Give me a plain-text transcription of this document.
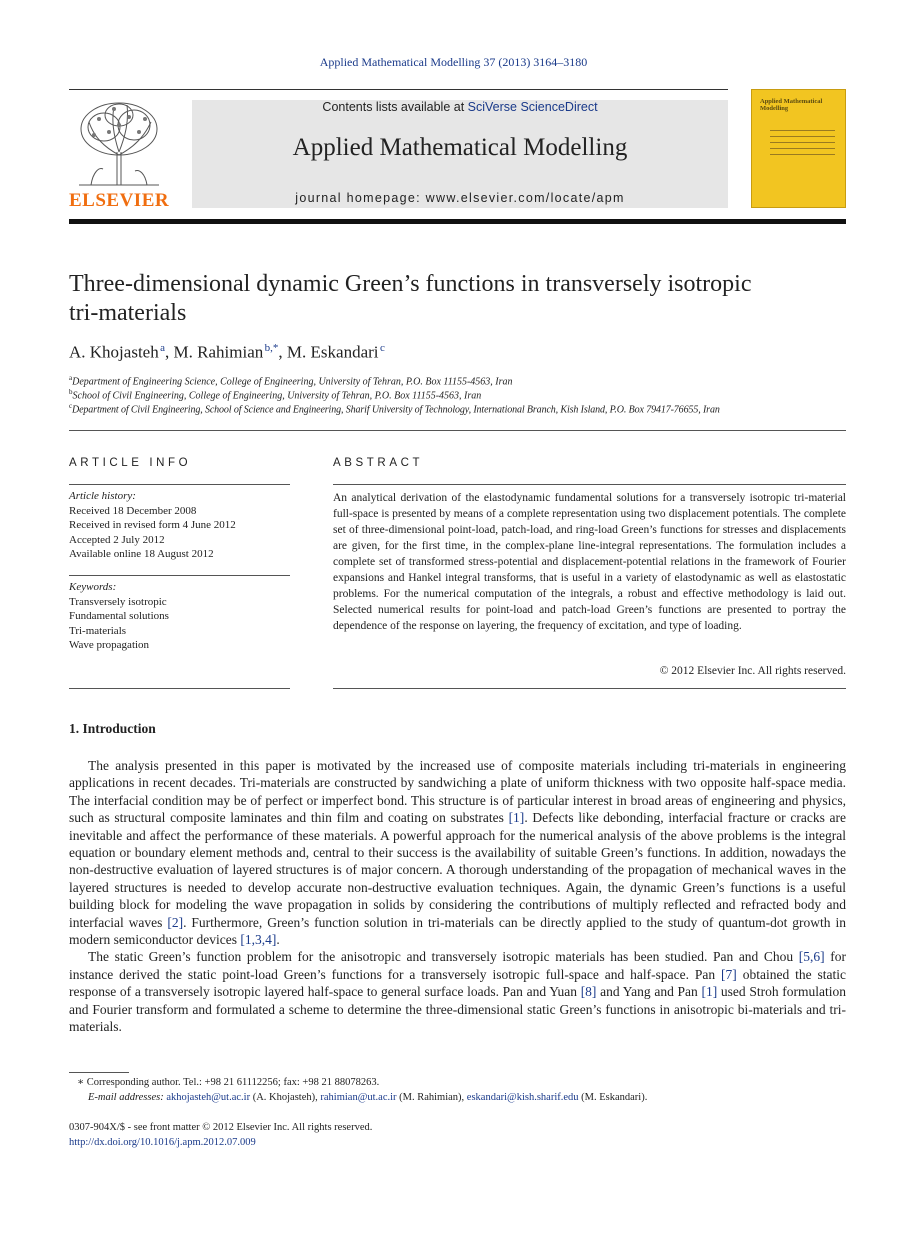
Applied Mathematical Modelling 37 (2013) 3164–3180
ELSEVIER
Contents lists available at SciVerse ScienceDirect
Applied Mathematical Modelling
journal homepage: www.elsevier.com/locate/apm
Applied Mathematical Modelling
Three-dimensional dynamic Green’s functions in transversely isotropic
tri-materials
A. Khojasteh $^a$, M. Rahimian $^{b,*}$, M. Eskandari $^c$
$^a$Department of Engineering Science, College of Engineering, University of Tehran, P.O. Box 11155-4563, Iran
$^b$School of Civil Engineering, College of Engineering, University of Tehran, P.O. Box 11155-4563, Iran
$^c$Department of Civil Engineering, School of Science and Engineering, Sharif University of Technology, International Branch, Kish Island, P.O. Box 79417-76655, Iran
ARTICLE INFO
Article history:
Received 18 December 2008
Received in revised form 4 June 2012
Accepted 2 July 2012
Available online 18 August 2012
Keywords:
Transversely isotropic
Fundamental solutions
Tri-materials
Wave propagation
ABSTRACT
An analytical derivation of the elastodynamic fundamental solutions for a transversely isotropic tri-material full-space is presented by means of a complete representation using two displacement potentials. The complete set of three-dimensional point-load, patch-load, and ring-load Green’s functions for stresses and displacements are given, for the first time, in the complex-plane line-integral representations. The formulation includes a complete set of transformed stress-potential and displacement-potential relations in the framework of Fourier expansions and Hankel integral transforms, that is useful in a variety of elastodynamic as well as elastostatic problems. For the numerical computation of the integrals, a robust and effective methodology is laid out. Selected numerical results for point-load and patch-load Green’s functions are presented to portray the dependence of the response on layering, the frequency of excitation, and type of loading.
© 2012 Elsevier Inc. All rights reserved.
1. Introduction

The analysis presented in this paper is motivated by the increased use of composite materials including tri-materials in engineering applications in recent decades. Tri-materials are constructed by sandwiching a plate of uniform thickness with two opposite half-space media. The interfacial condition may be of perfect or imperfect bond. This structure is of particular interest in broad areas of engineering and physics, such as structural composite laminates and thin film and coating on substrates [1]. Defects like debonding, interfacial fracture or cracks are inevitable and affect the performance of these materials. A powerful approach for the numerical analysis of the above problems is the integral equation or boundary element methods and, central to their success is the availability of suitable Green’s functions. In addition, nowadays the non-destructive evaluation of layered structures is of major concern. A thorough understanding of the propagation of mechanical waves in the layered structures is needed to develop accurate non-destructive evaluation techniques. Again, the dynamic Green’s functions is a useful building block for modeling the wave propagation in solids by considering the contributions of multiply reflected and refracted body and interfacial waves [2]. Furthermore, Green’s function solution in tri-materials can be directly applied to the study of quantum-dot growth in modern semiconductor devices [1,3,4].

The static Green’s function problem for the anisotropic and transversely isotropic materials has been studied. Pan and Chou [5,6] for instance derived the static point-load Green’s functions for a transversely isotropic full-space and half-space. Pan [7] obtained the static response of a transversely isotropic layered half-space to general surface loads. Pan and Yuan [8] and Yang and Pan [1] used Stroh formulation and Fourier transform and formulated a scheme to determine the three-dimensional static Green’s functions in anisotropic bi-materials and tri-materials.

∗ Corresponding author. Tel.: +98 21 61112256; fax: +98 21 88078263.
E-mail addresses: akhojasteh@ut.ac.ir (A. Khojasteh), rahimian@ut.ac.ir (M. Rahimian), eskandari@kish.sharif.edu (M. Eskandari).
0307-904X/$ - see front matter © 2012 Elsevier Inc. All rights reserved.
http://dx.doi.org/10.1016/j.apm.2012.07.009
